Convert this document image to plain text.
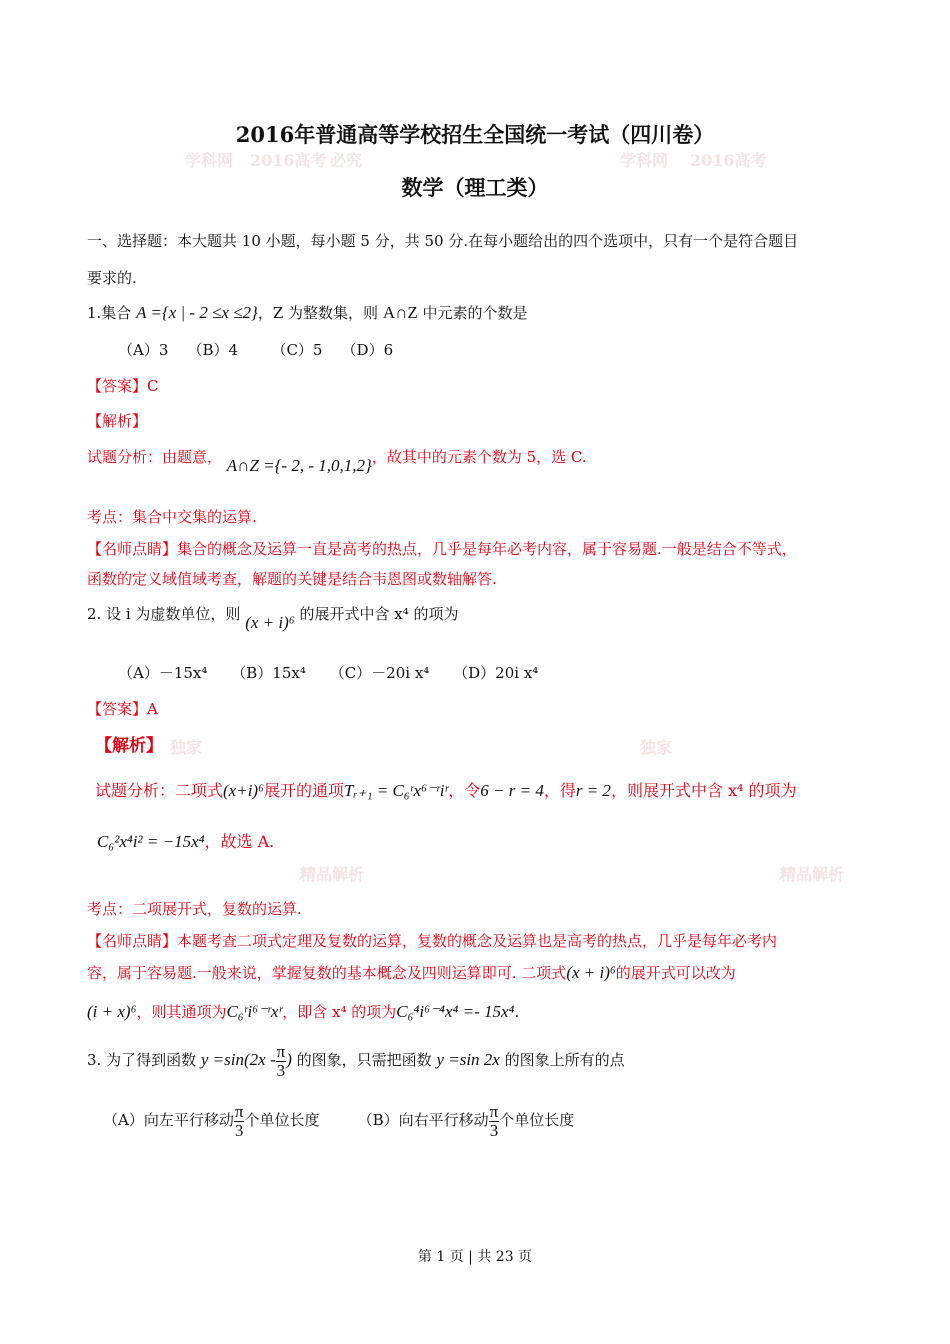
学科网 2016高考 必究	学科网 2016高考
独家	独家
精品解析	精品解析
2016年普通高等学校招生全国统一考试（四川卷）
数学（理工类）
一、选择题：本大题共 10 小题，每小题 5 分，共 50 分.在每小题给出的四个选项中，只有一个是符合题目
要求的.
1.集合 A ={x | - 2 ≤x ≤2}，Z 为整数集，则 A∩Z 中元素的个数是
（A）3 （B）4 （C）5 （D）6
【答案】C
【解析】
试题分析：由题意， A∩Z ={- 2, - 1,0,1,2}，故其中的元素个数为 5，选 C.
考点：集合中交集的运算.
【名师点睛】集合的概念及运算一直是高考的热点，几乎是每年必考内容，属于容易题.一般是结合不等式，
函数的定义域值域考查，解题的关键是结合韦恩图或数轴解答.
2. 设 i 为虚数单位，则 (x + i)⁶ 的展开式中含 x⁴ 的项为
（A）－15x⁴ （B）15x⁴ （C）－20i x⁴ （D）20i x⁴
【答案】A
【解析】
试题分析：二项式(x+i)⁶展开的通项Tᵣ₊₁ = C₆ʳx⁶⁻ʳiʳ，令6 − r = 4，得r = 2，则展开式中含 x⁴ 的项为
C₆²x⁴i² = −15x⁴，故选 A.
考点：二项展开式，复数的运算.
【名师点睛】本题考查二项式定理及复数的运算，复数的概念及运算也是高考的热点，几乎是每年必考内
容，属于容易题.一般来说，掌握复数的基本概念及四则运算即可. 二项式(x + i)⁶的展开式可以改为
(i + x)⁶，则其通项为C₆ʳi⁶⁻ʳxʳ，即含 x⁴ 的项为C₆⁴i⁶⁻⁴x⁴ =- 15x⁴.
3. 为了得到函数 $y =\sin(2x - \frac{\pi}{3}$ ) 的图象，只需把函数 y =sin 2x 的图象上所有的点
（A）向左平行移动 $\frac{\pi}{3}$ 个单位长度	（B）向右平行移动 $\frac{\pi}{3}$ 个单位长度
第 1 页 | 共 23 页
